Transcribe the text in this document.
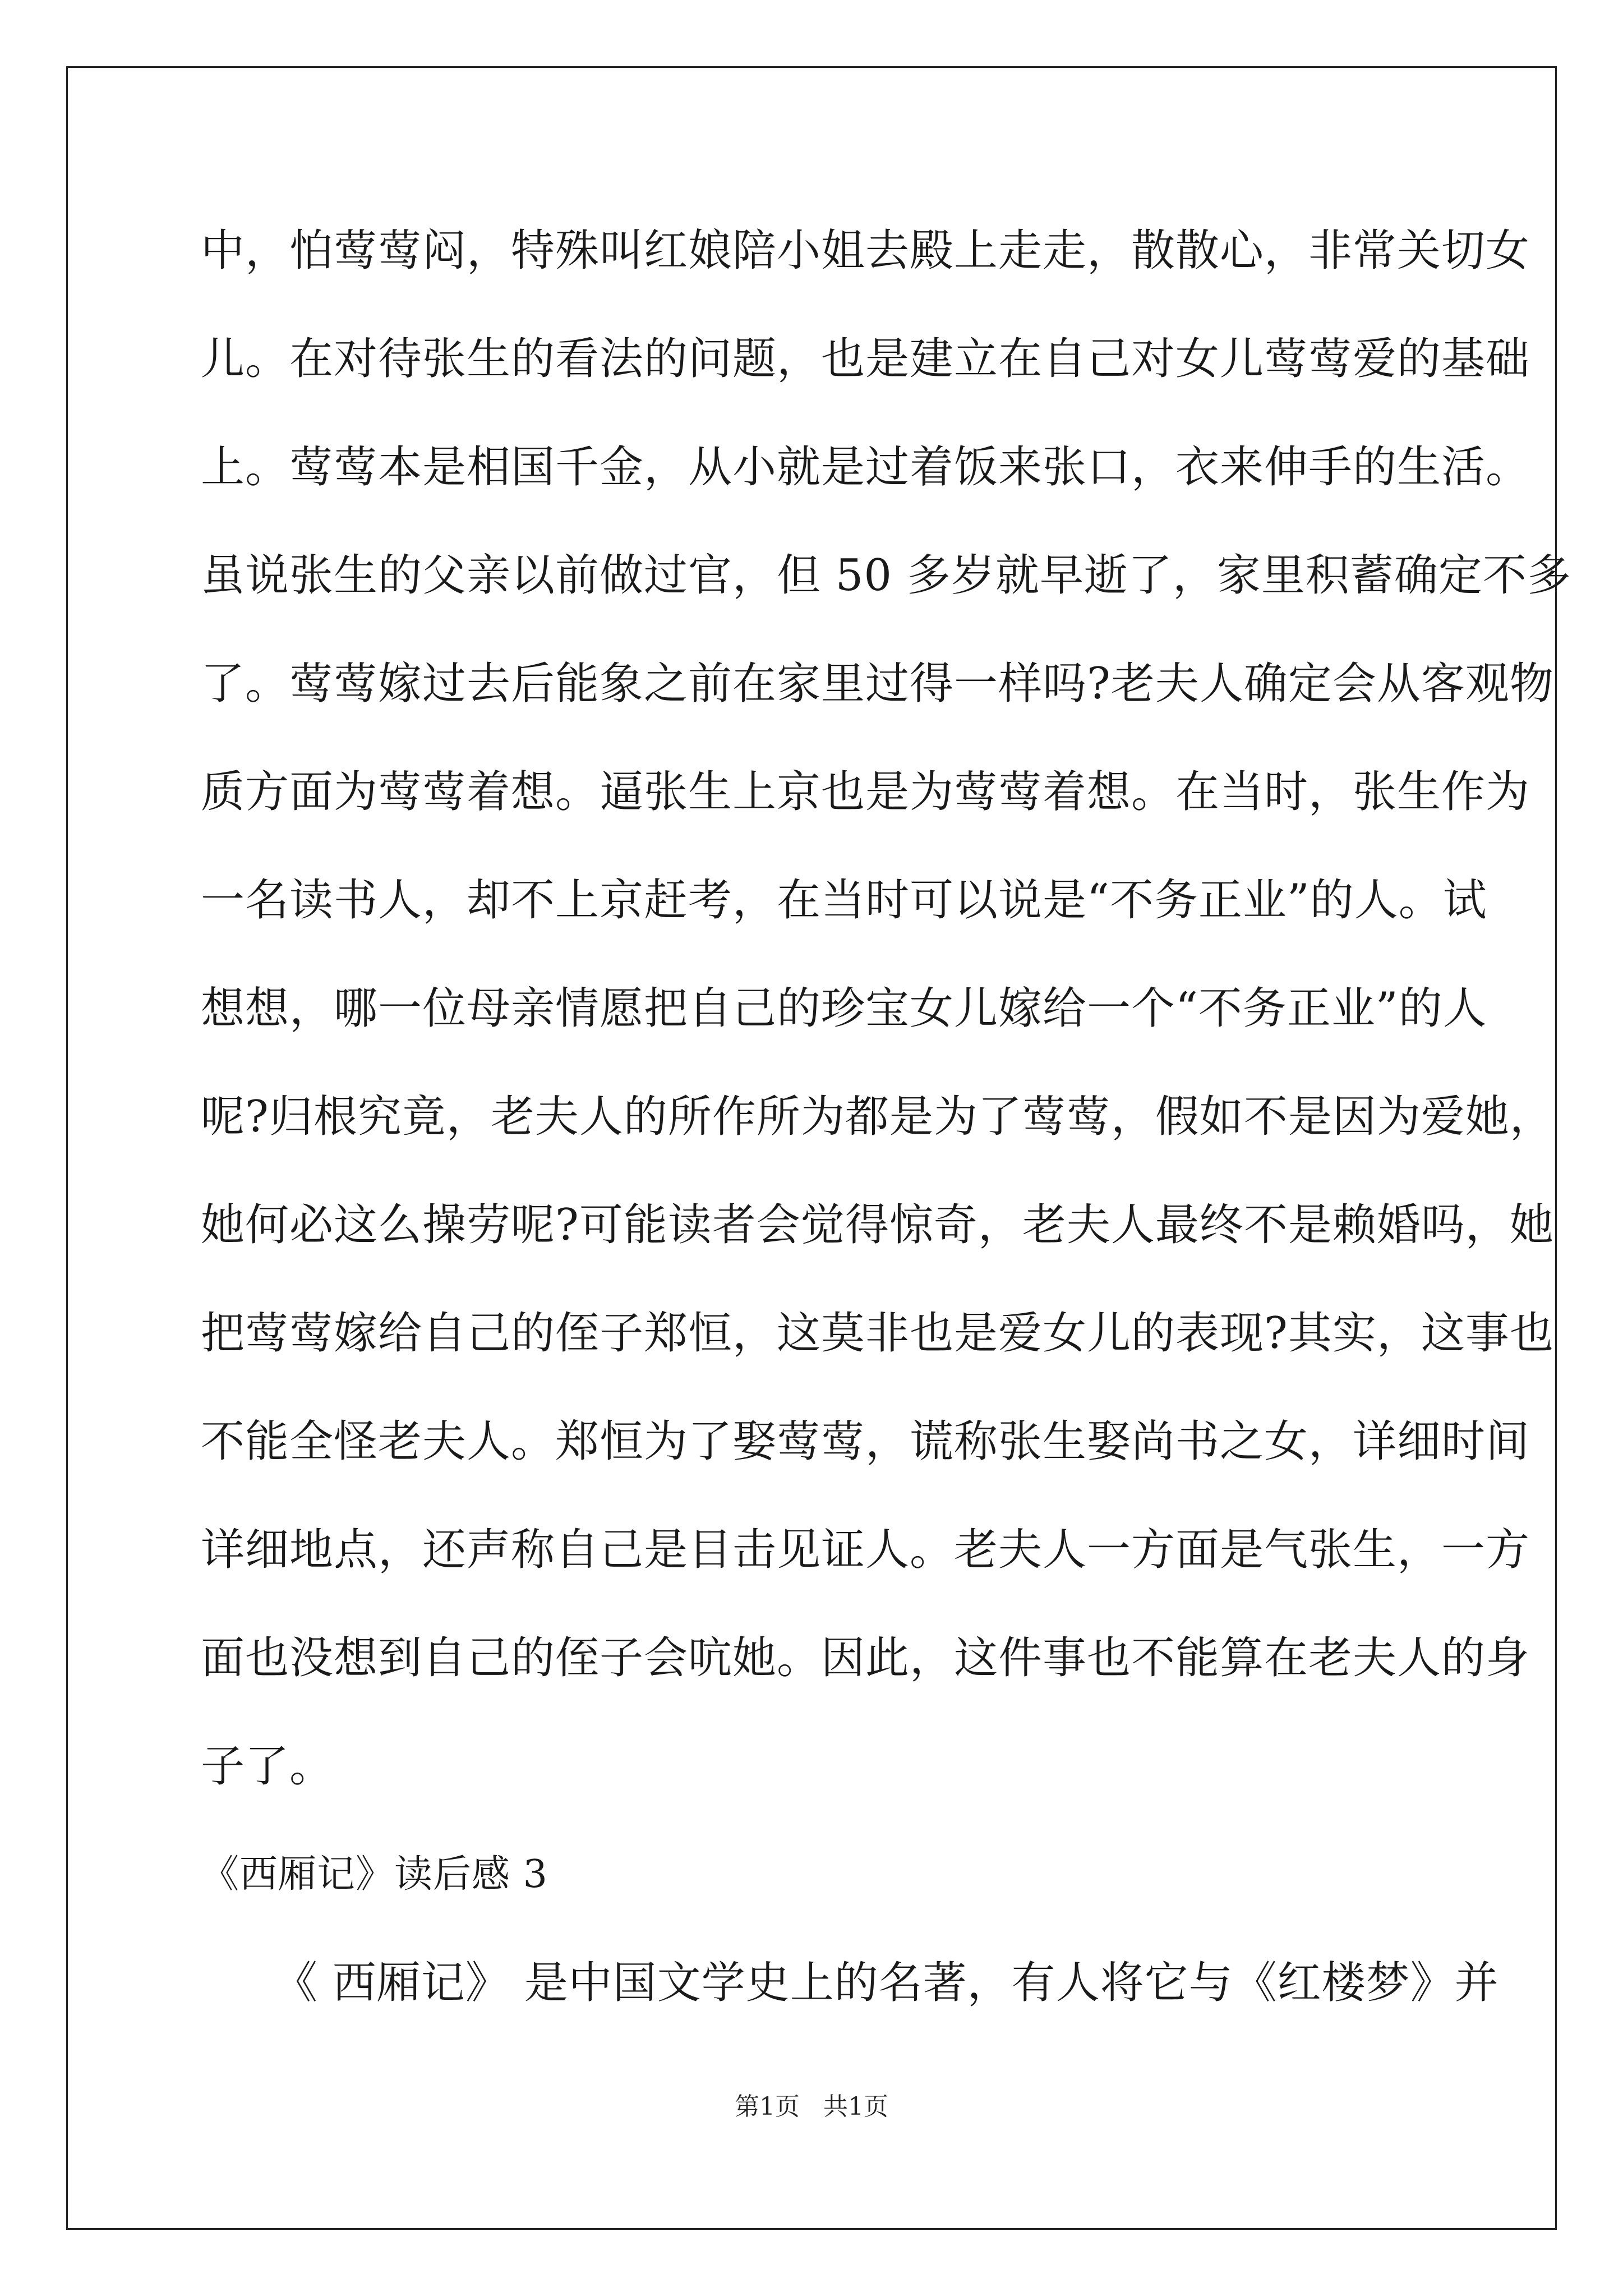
中，怕莺莺闷，特殊叫红娘陪小姐去殿上走走，散散心，非常关切女
儿。在对待张生的看法的问题，也是建立在自己对女儿莺莺爱的基础
上。莺莺本是相国千金，从小就是过着饭来张口，衣来伸手的生活。
虽说张生的父亲以前做过官，但 50 多岁就早逝了，家里积蓄确定不多
了。莺莺嫁过去后能象之前在家里过得一样吗?老夫人确定会从客观物
质方面为莺莺着想。逼张生上京也是为莺莺着想。在当时，张生作为
一名读书人，却不上京赶考，在当时可以说是“不务正业”的人。试
想想，哪一位母亲情愿把自己的珍宝女儿嫁给一个“不务正业”的人
呢?归根究竟，老夫人的所作所为都是为了莺莺，假如不是因为爱她，
她何必这么操劳呢?可能读者会觉得惊奇，老夫人最终不是赖婚吗，她
把莺莺嫁给自己的侄子郑恒，这莫非也是爱女儿的表现?其实，这事也
不能全怪老夫人。郑恒为了娶莺莺，谎称张生娶尚书之女，详细时间
详细地点，还声称自己是目击见证人。老夫人一方面是气张生，一方
面也没想到自己的侄子会吭她。因此，这件事也不能算在老夫人的身
子了。
《西厢记》读后感 3
《 西厢记》 是中国文学史上的名著，有人将它与《红楼梦》并
第1页   共1页
